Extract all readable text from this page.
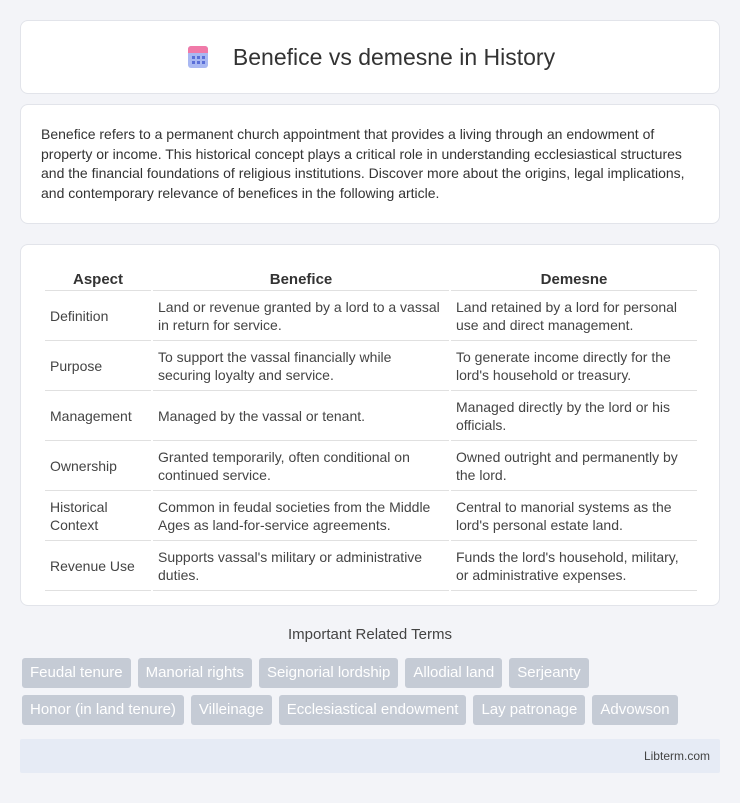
Benefice vs demesne in History

Benefice refers to a permanent church appointment that provides a living through an endowment of property or income. This historical concept plays a critical role in understanding ecclesiastical structures and the financial foundations of religious institutions. Discover more about the origins, legal implications, and contemporary relevance of benefices in the following article.

Aspect	Benefice	Demesne
Definition	Land or revenue granted by a lord to a vassal in return for service.	Land retained by a lord for personal use and direct management.
Purpose	To support the vassal financially while securing loyalty and service.	To generate income directly for the lord's household or treasury.
Management	Managed by the vassal or tenant.	Managed directly by the lord or his officials.
Ownership	Granted temporarily, often conditional on continued service.	Owned outright and permanently by the lord.
Historical Context	Common in feudal societies from the Middle Ages as land-for-service agreements.	Central to manorial systems as the lord's personal estate land.
Revenue Use	Supports vassal's military or administrative duties.	Funds the lord's household, military, or administrative expenses.
Important Related Terms
Feudal tenure	Manorial rights	Seignorial lordship	Allodial land	Serjeanty
Honor (in land tenure)	Villeinage	Ecclesiastical endowment	Lay patronage	Advowson
Libterm.com
